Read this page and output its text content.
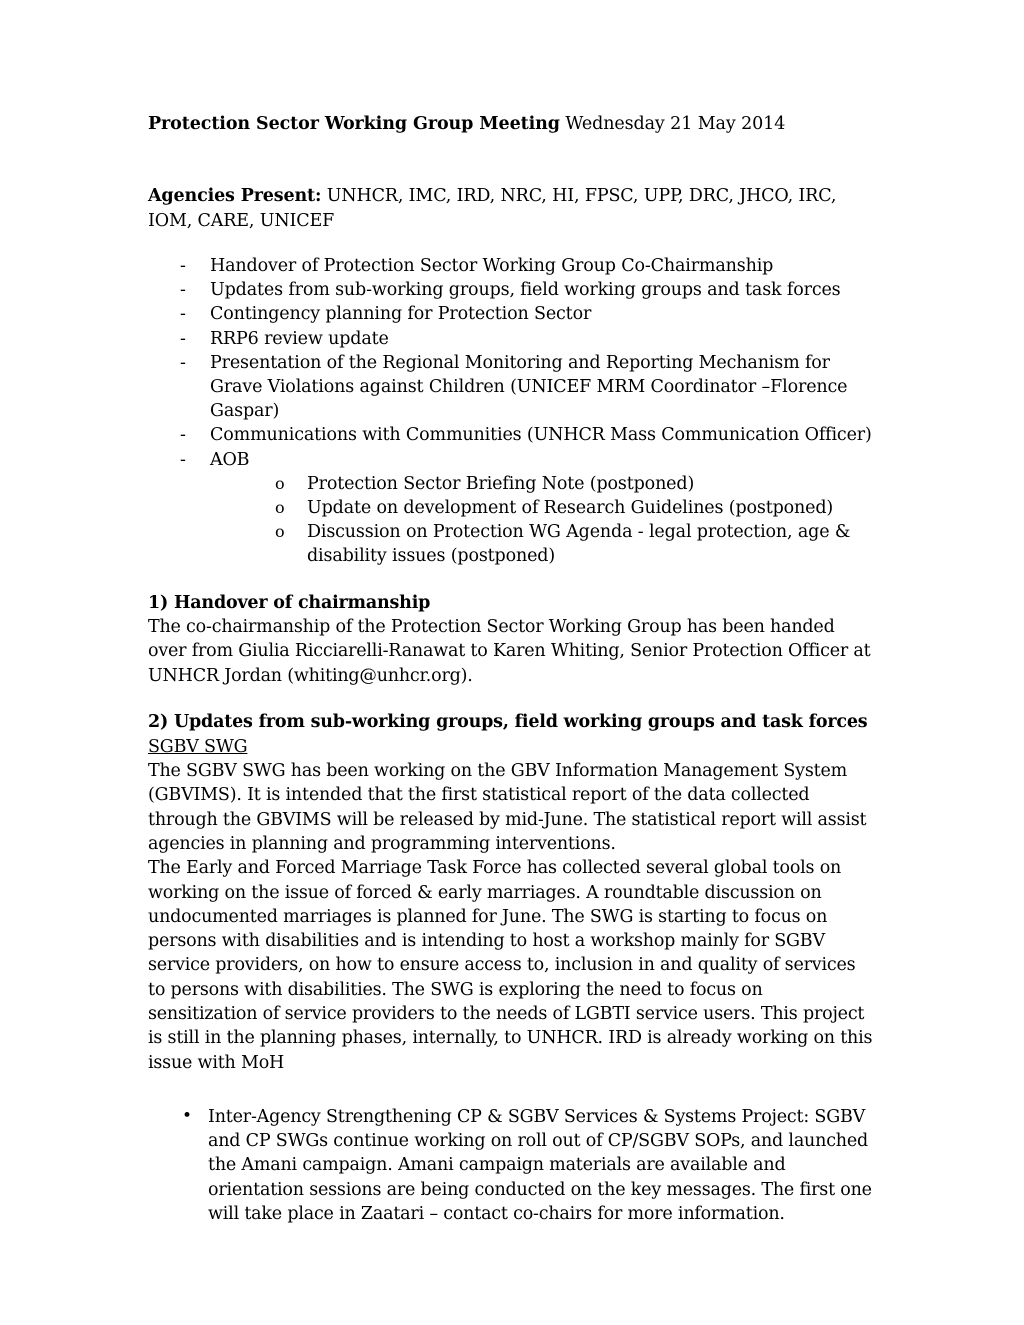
Protection Sector Working Group Meeting Wednesday 21 May 2014

Agencies Present: UNHCR, IMC, IRD, NRC, HI, FPSC, UPP, DRC, JHCO, IRC, IOM, CARE, UNICEF

-	Handover of Protection Sector Working Group Co-Chairmanship
-	Updates from sub-working groups, field working groups and task forces
-	Contingency planning for Protection Sector
-	RRP6 review update
-	Presentation of the Regional Monitoring and Reporting Mechanism for Grave Violations against Children (UNICEF MRM Coordinator –Florence Gaspar)
-	Communications with Communities (UNHCR Mass Communication Officer)
-	AOB
o	Protection Sector Briefing Note (postponed)
o	Update on development of Research Guidelines (postponed)
o	Discussion on Protection WG Agenda - legal protection, age & disability issues (postponed)

1) Handover of chairmanship

The co-chairmanship of the Protection Sector Working Group has been handed over from Giulia Ricciarelli-Ranawat to Karen Whiting, Senior Protection Officer at UNHCR Jordan (whiting@unhcr.org).

2) Updates from sub-working groups, field working groups and task forces

SGBV SWG

The SGBV SWG has been working on the GBV Information Management System (GBVIMS). It is intended that the first statistical report of the data collected through the GBVIMS will be released by mid-June. The statistical report will assist agencies in planning and programming interventions.

The Early and Forced Marriage Task Force has collected several global tools on working on the issue of forced & early marriages. A roundtable discussion on undocumented marriages is planned for June. The SWG is starting to focus on persons with disabilities and is intending to host a workshop mainly for SGBV service providers, on how to ensure access to, inclusion in and quality of services to persons with disabilities. The SWG is exploring the need to focus on sensitization of service providers to the needs of LGBTI service users. This project is still in the planning phases, internally, to UNHCR. IRD is already working on this issue with MoH

• Inter-Agency Strengthening CP & SGBV Services & Systems Project: SGBV and CP SWGs continue working on roll out of CP/SGBV SOPs, and launched the Amani campaign. Amani campaign materials are available and orientation sessions are being conducted on the key messages. The first one will take place in Zaatari – contact co-chairs for more information.
